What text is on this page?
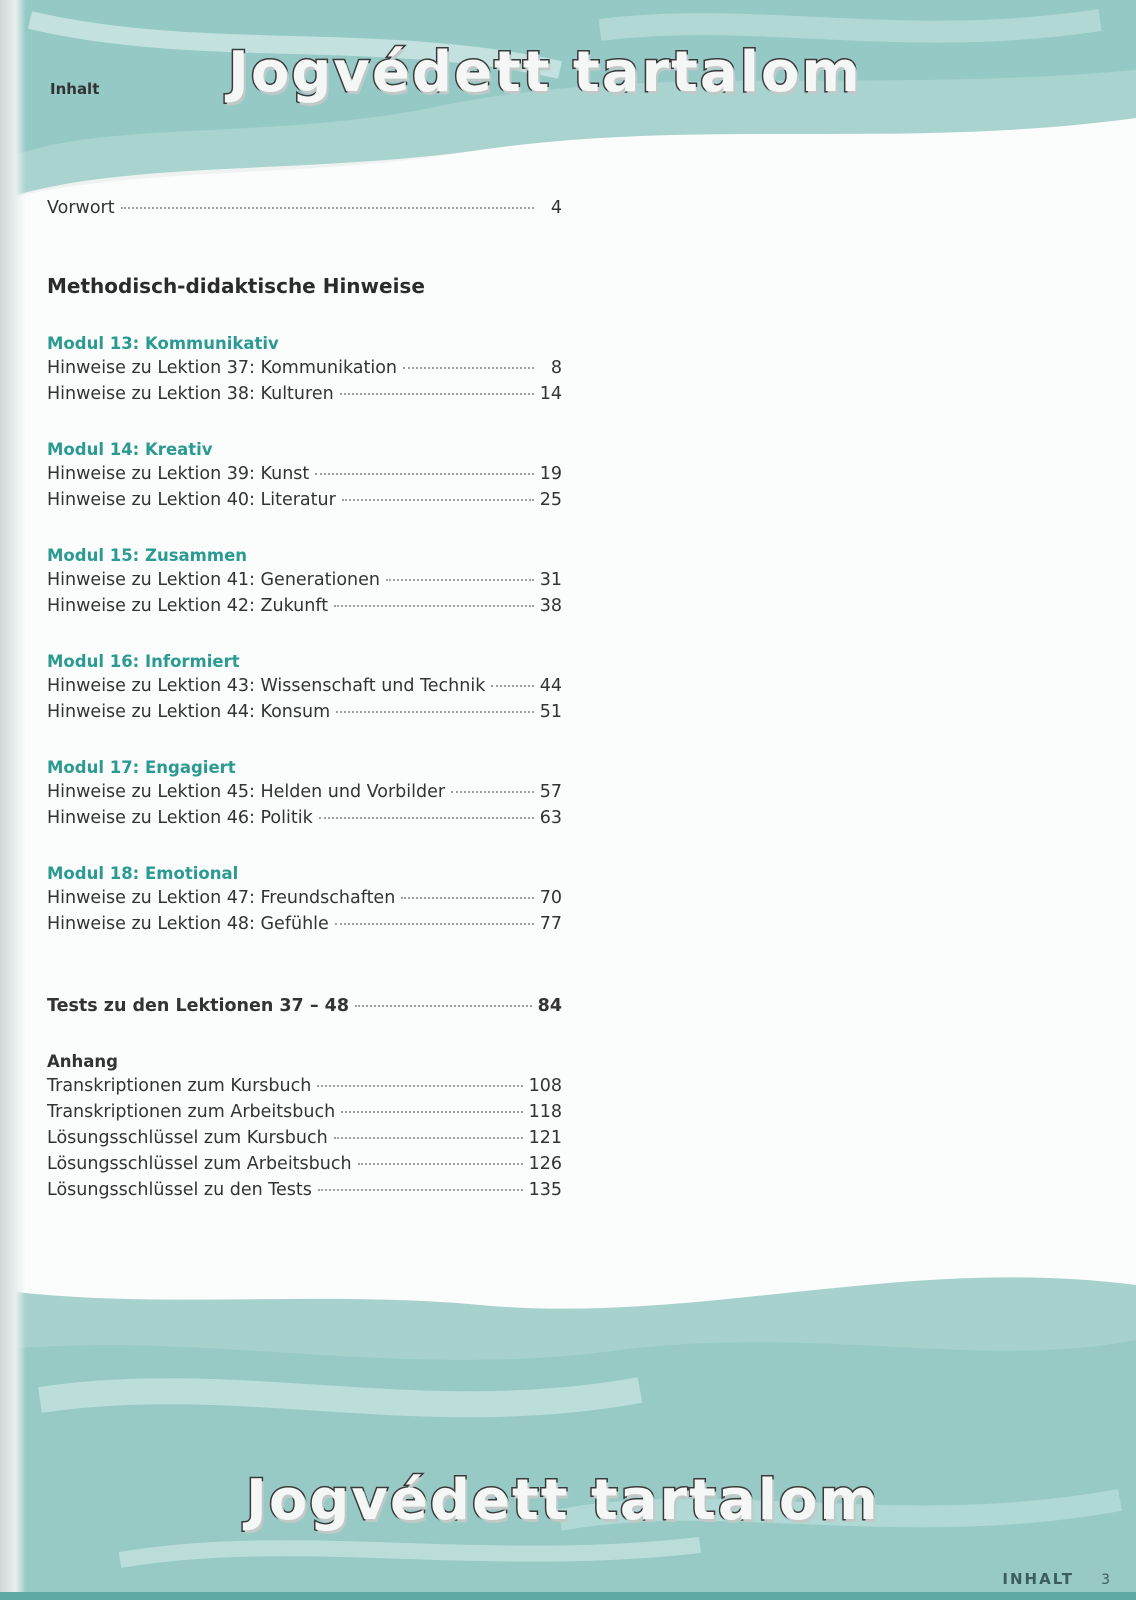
Inhalt Jogvédett tartalom
Vorwort	4
Methodisch-didaktische Hinweise
Modul 13: Kommunikativ
Hinweise zu Lektion 37: Kommunikation	8
Hinweise zu Lektion 38: Kulturen	14
Modul 14: Kreativ
Hinweise zu Lektion 39: Kunst	19
Hinweise zu Lektion 40: Literatur	25
Modul 15: Zusammen
Hinweise zu Lektion 41: Generationen	31
Hinweise zu Lektion 42: Zukunft	38
Modul 16: Informiert
Hinweise zu Lektion 43: Wissenschaft und Technik	44
Hinweise zu Lektion 44: Konsum	51
Modul 17: Engagiert
Hinweise zu Lektion 45: Helden und Vorbilder	57
Hinweise zu Lektion 46: Politik	63
Modul 18: Emotional
Hinweise zu Lektion 47: Freundschaften	70
Hinweise zu Lektion 48: Gefühle	77
Tests zu den Lektionen 37 – 48	84
Anhang
Transkriptionen zum Kursbuch	108
Transkriptionen zum Arbeitsbuch	118
Lösungsschlüssel zum Kursbuch	121
Lösungsschlüssel zum Arbeitsbuch	126
Lösungsschlüssel zu den Tests	135
Jogvédett tartalom
INHALT 3
